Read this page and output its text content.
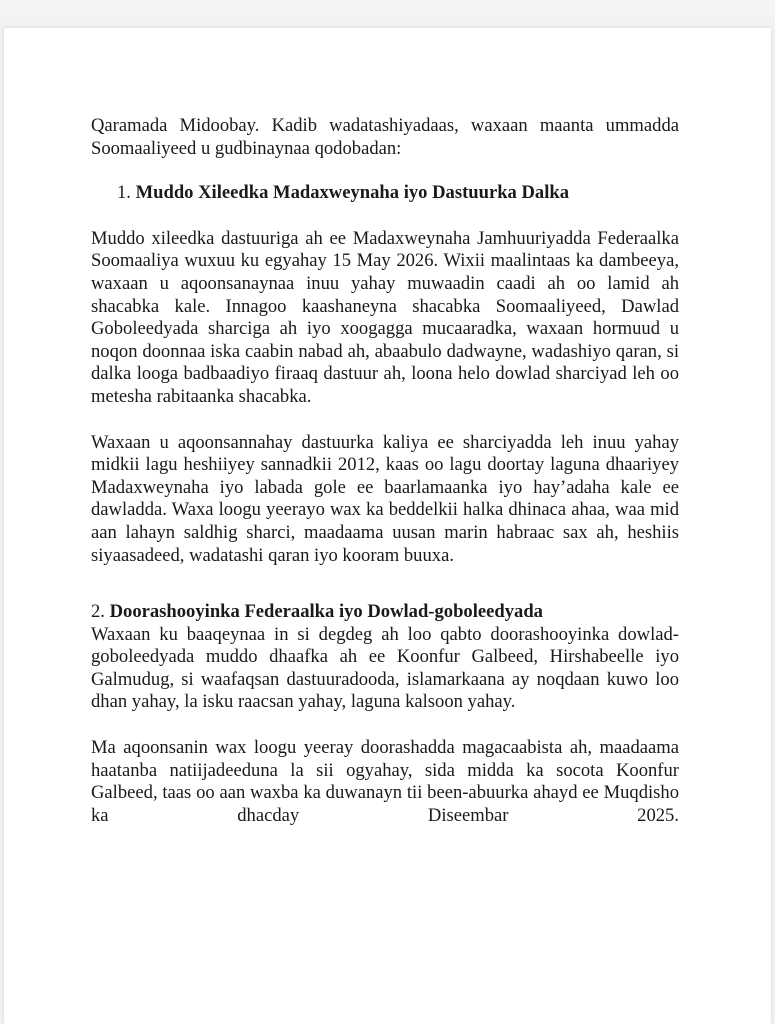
Qaramada Midoobay. Kadib wadatashiyadaas, waxaan maanta ummadda Soomaaliyeed u gudbinaynaa qodobadan:

1. Muddo Xileedka Madaxweynaha iyo Dastuurka Dalka

Muddo xileedka dastuuriga ah ee Madaxweynaha Jamhuuriyadda Federaalka Soomaaliya wuxuu ku egyahay 15 May 2026. Wixii maalintaas ka dambeeya, waxaan u aqoonsanaynaa inuu yahay muwaadin caadi ah oo lamid ah shacabka kale. Innagoo kaashaneyna shacabka Soomaaliyeed, Dawlad Goboleedyada sharciga ah iyo xoogagga mucaaradka, waxaan hormuud u noqon doonnaa iska caabin nabad ah, abaabulo dadwayne, wadashiyo qaran, si dalka looga badbaadiyo firaaq dastuur ah, loona helo dowlad sharciyad leh oo metesha rabitaanka shacabka.

Waxaan u aqoonsannahay dastuurka kaliya ee sharciyadda leh inuu yahay midkii lagu heshiiyey sannadkii 2012, kaas oo lagu doortay laguna dhaariyey Madaxweynaha iyo labada gole ee baarlamaanka iyo hay’adaha kale ee dawladda. Waxa loogu yeerayo wax ka beddelkii halka dhinaca ahaa, waa mid aan lahayn saldhig sharci, maadaama uusan marin habraac sax ah, heshiis siyaasadeed, wadatashi qaran iyo kooram buuxa.

2. Doorashooyinka Federaalka iyo Dowlad-goboleedyada

Waxaan ku baaqeynaa in si degdeg ah loo qabto doorashooyinka dowlad-goboleedyada muddo dhaafka ah ee Koonfur Galbeed, Hirshabeelle iyo Galmudug, si waafaqsan dastuuradooda, islamarkaana ay noqdaan kuwo loo dhan yahay, la isku raacsan yahay, laguna kalsoon yahay.

Ma aqoonsanin wax loogu yeeray doorashadda magacaabista ah, maadaama haatanba natiijadeeduna la sii ogyahay, sida midda ka socota Koonfur Galbeed, taas oo aan waxba ka duwanayn tii been-abuurka ahayd ee Muqdisho ka dhacday Diseembar 2025.
